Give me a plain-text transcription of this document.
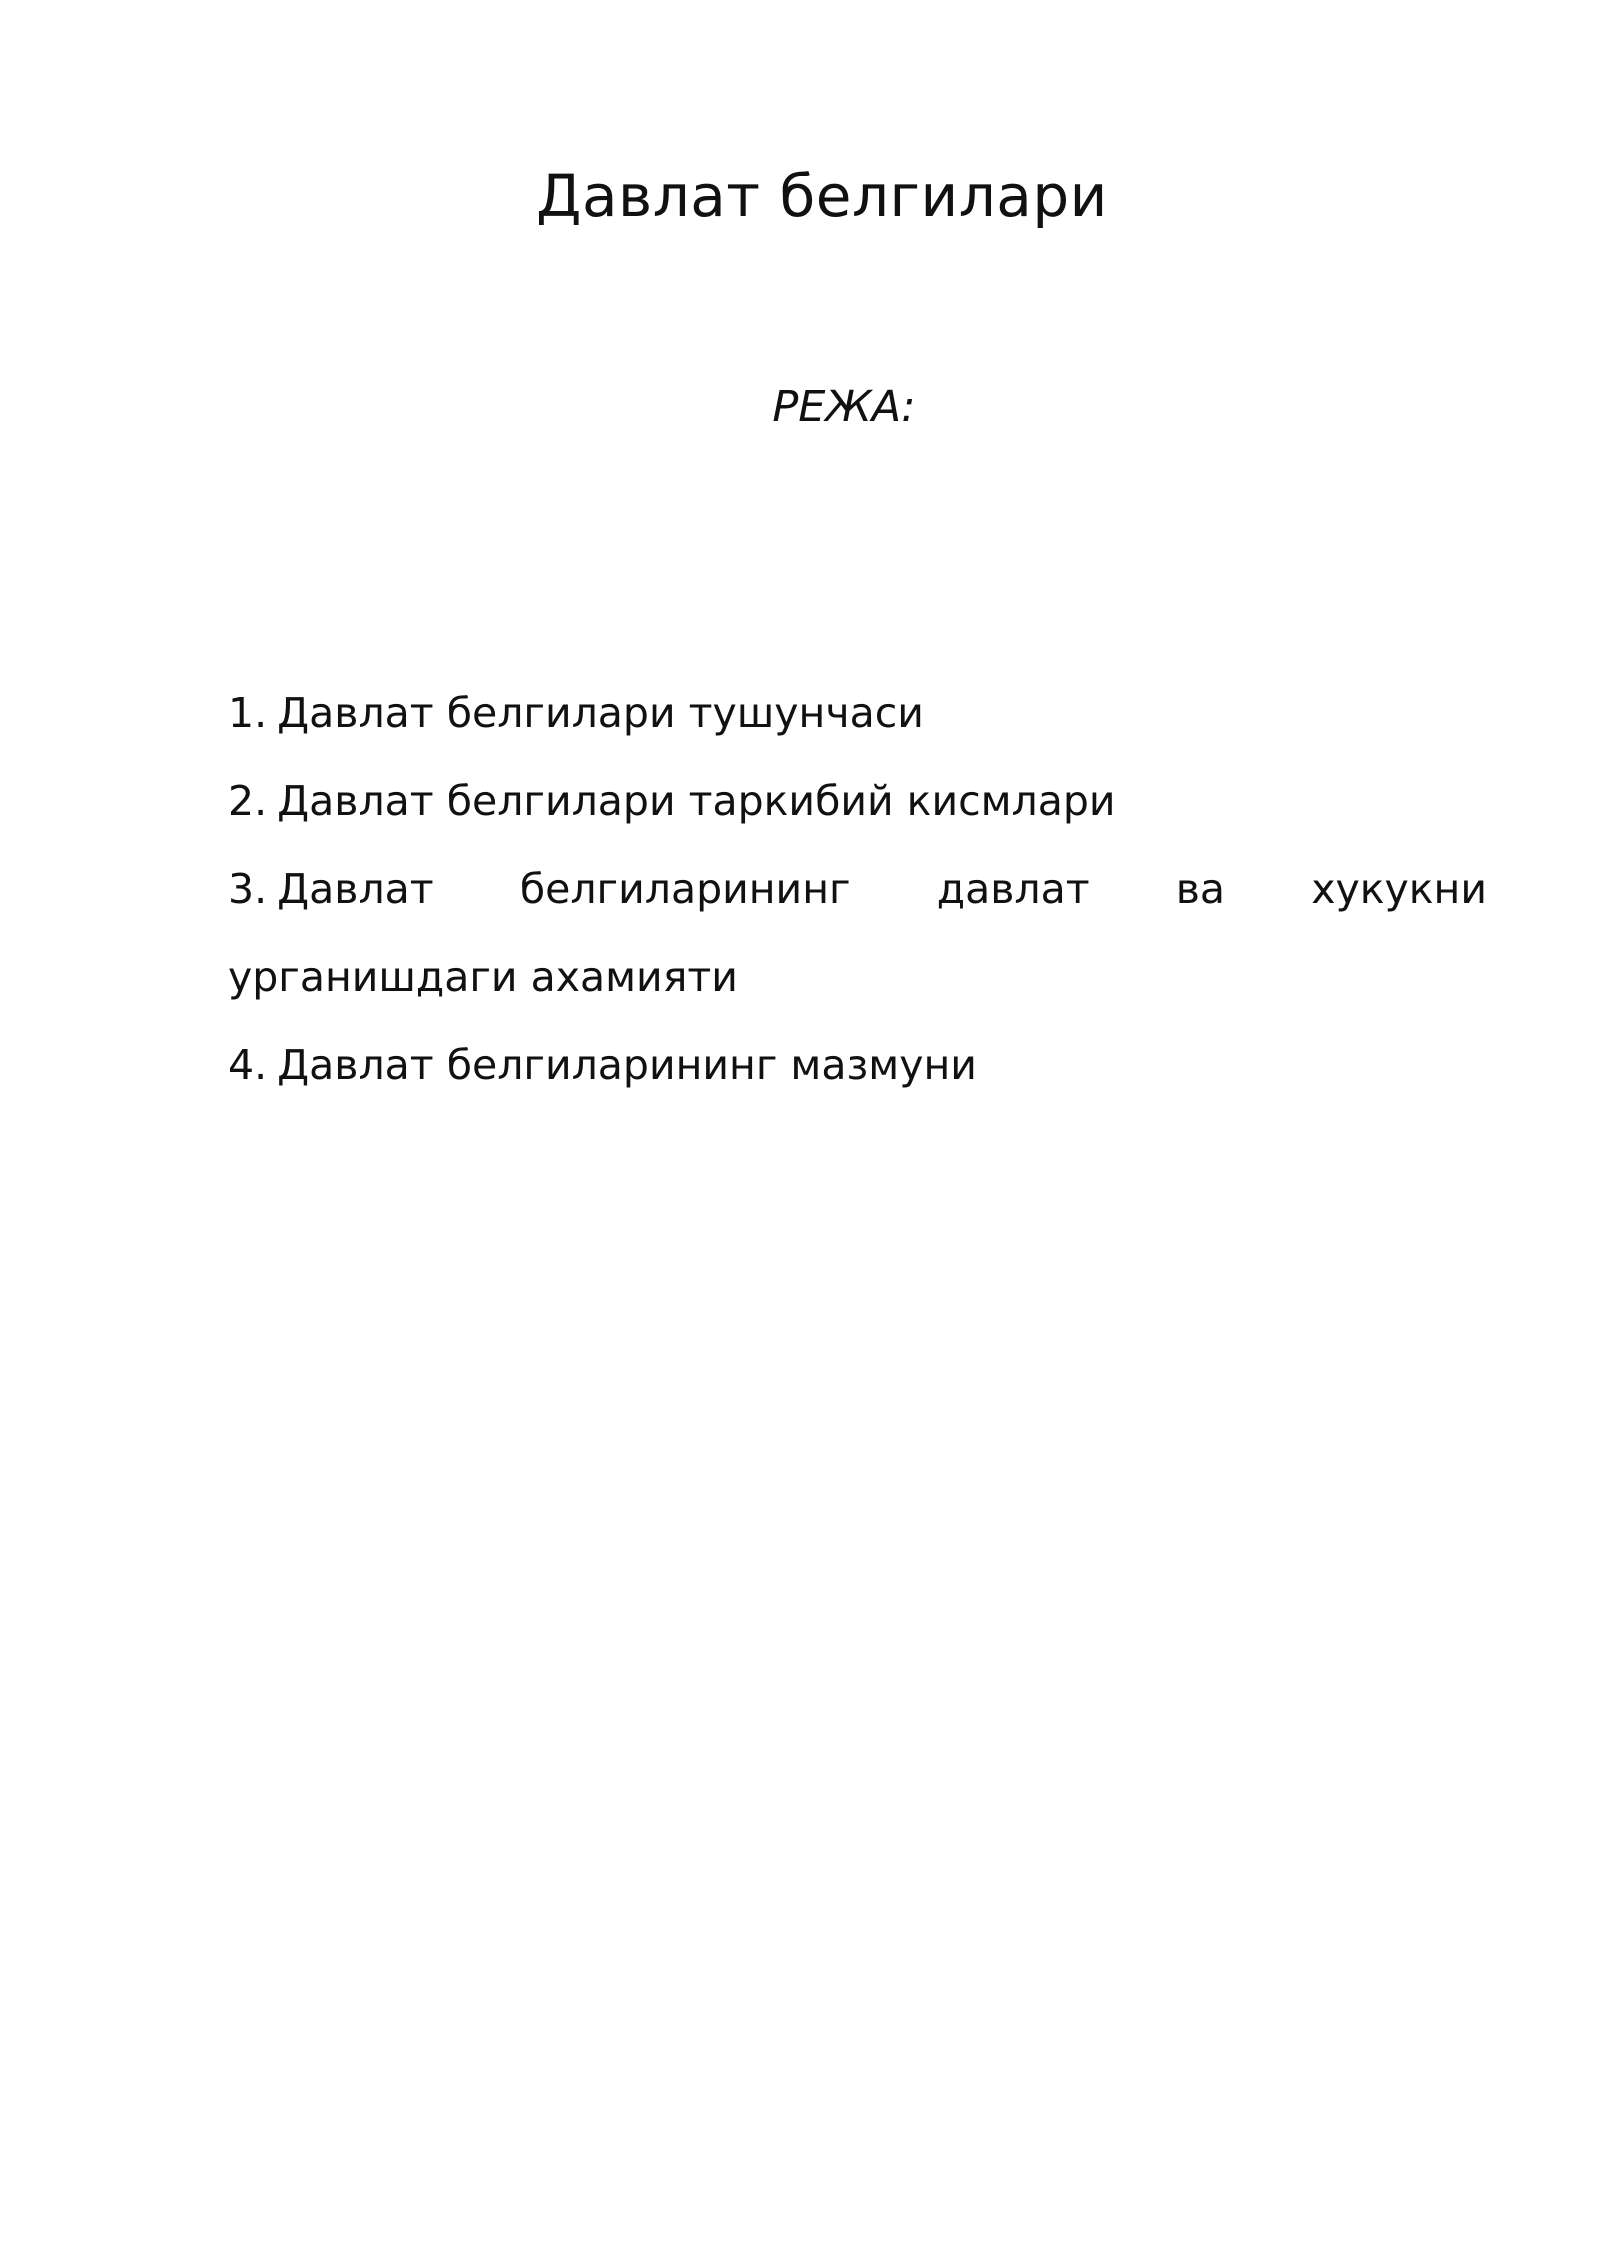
Давлат белгилари
РЕЖА:
1. Давлат белгилари тушунчаси
2. Давлат белгилари таркибий кисмлари
3. Давлат белгиларининг давлат ва хукукни урганишдаги ахамияти
4. Давлат белгиларининг мазмуни
